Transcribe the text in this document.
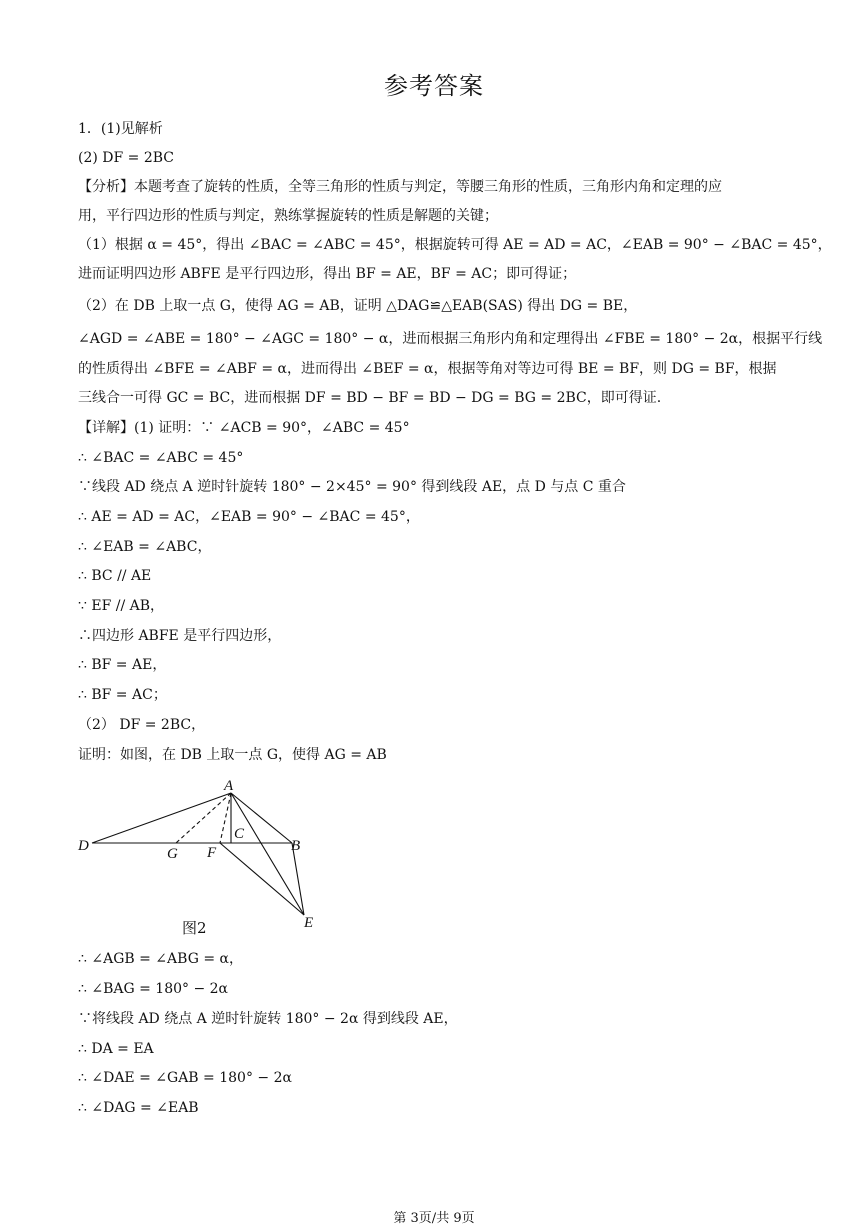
参考答案
1．(1)见解析
(2) DF = 2BC
【分析】本题考查了旋转的性质，全等三角形的性质与判定，等腰三角形的性质，三角形内角和定理的应
用，平行四边形的性质与判定，熟练掌握旋转的性质是解题的关键；
（1）根据 α = 45°，得出 ∠BAC = ∠ABC = 45°，根据旋转可得 AE = AD = AC，∠EAB = 90° − ∠BAC = 45°，
进而证明四边形 ABFE 是平行四边形，得出 BF = AE，BF = AC；即可得证；
（2）在 DB 上取一点 G，使得 AG = AB，证明 △DAG≌△EAB(SAS) 得出 DG = BE，
∠AGD = ∠ABE = 180° − ∠AGC = 180° − α，进而根据三角形内角和定理得出 ∠FBE = 180° − 2α，根据平行线
的性质得出 ∠BFE = ∠ABF = α，进而得出 ∠BEF = α，根据等角对等边可得 BE = BF，则 DG = BF，根据
三线合一可得 GC = BC，进而根据 DF = BD − BF = BD − DG = BG = 2BC，即可得证.
【详解】(1) 证明：∵ ∠ACB = 90°，∠ABC = 45°
∴ ∠BAC = ∠ABC = 45°
∵线段 AD 绕点 A 逆时针旋转 180° − 2×45° = 90° 得到线段 AE，点 D 与点 C 重合
∴ AE = AD = AC，∠EAB = 90° − ∠BAC = 45°，
∴ ∠EAB = ∠ABC，
∴ BC // AE
∵ EF // AB，
∴四边形 ABFE 是平行四边形，
∴ BF = AE，
∴ BF = AC；
（2） DF = 2BC，
证明：如图，在 DB 上取一点 G，使得 AG = AB
A
C
D	G F	B
E
图2
∴ ∠AGB = ∠ABG = α，
∴ ∠BAG = 180° − 2α
∵将线段 AD 绕点 A 逆时针旋转 180° − 2α 得到线段 AE，
∴ DA = EA
∴ ∠DAE = ∠GAB = 180° − 2α
∴ ∠DAG = ∠EAB
第 3页/共 9页
